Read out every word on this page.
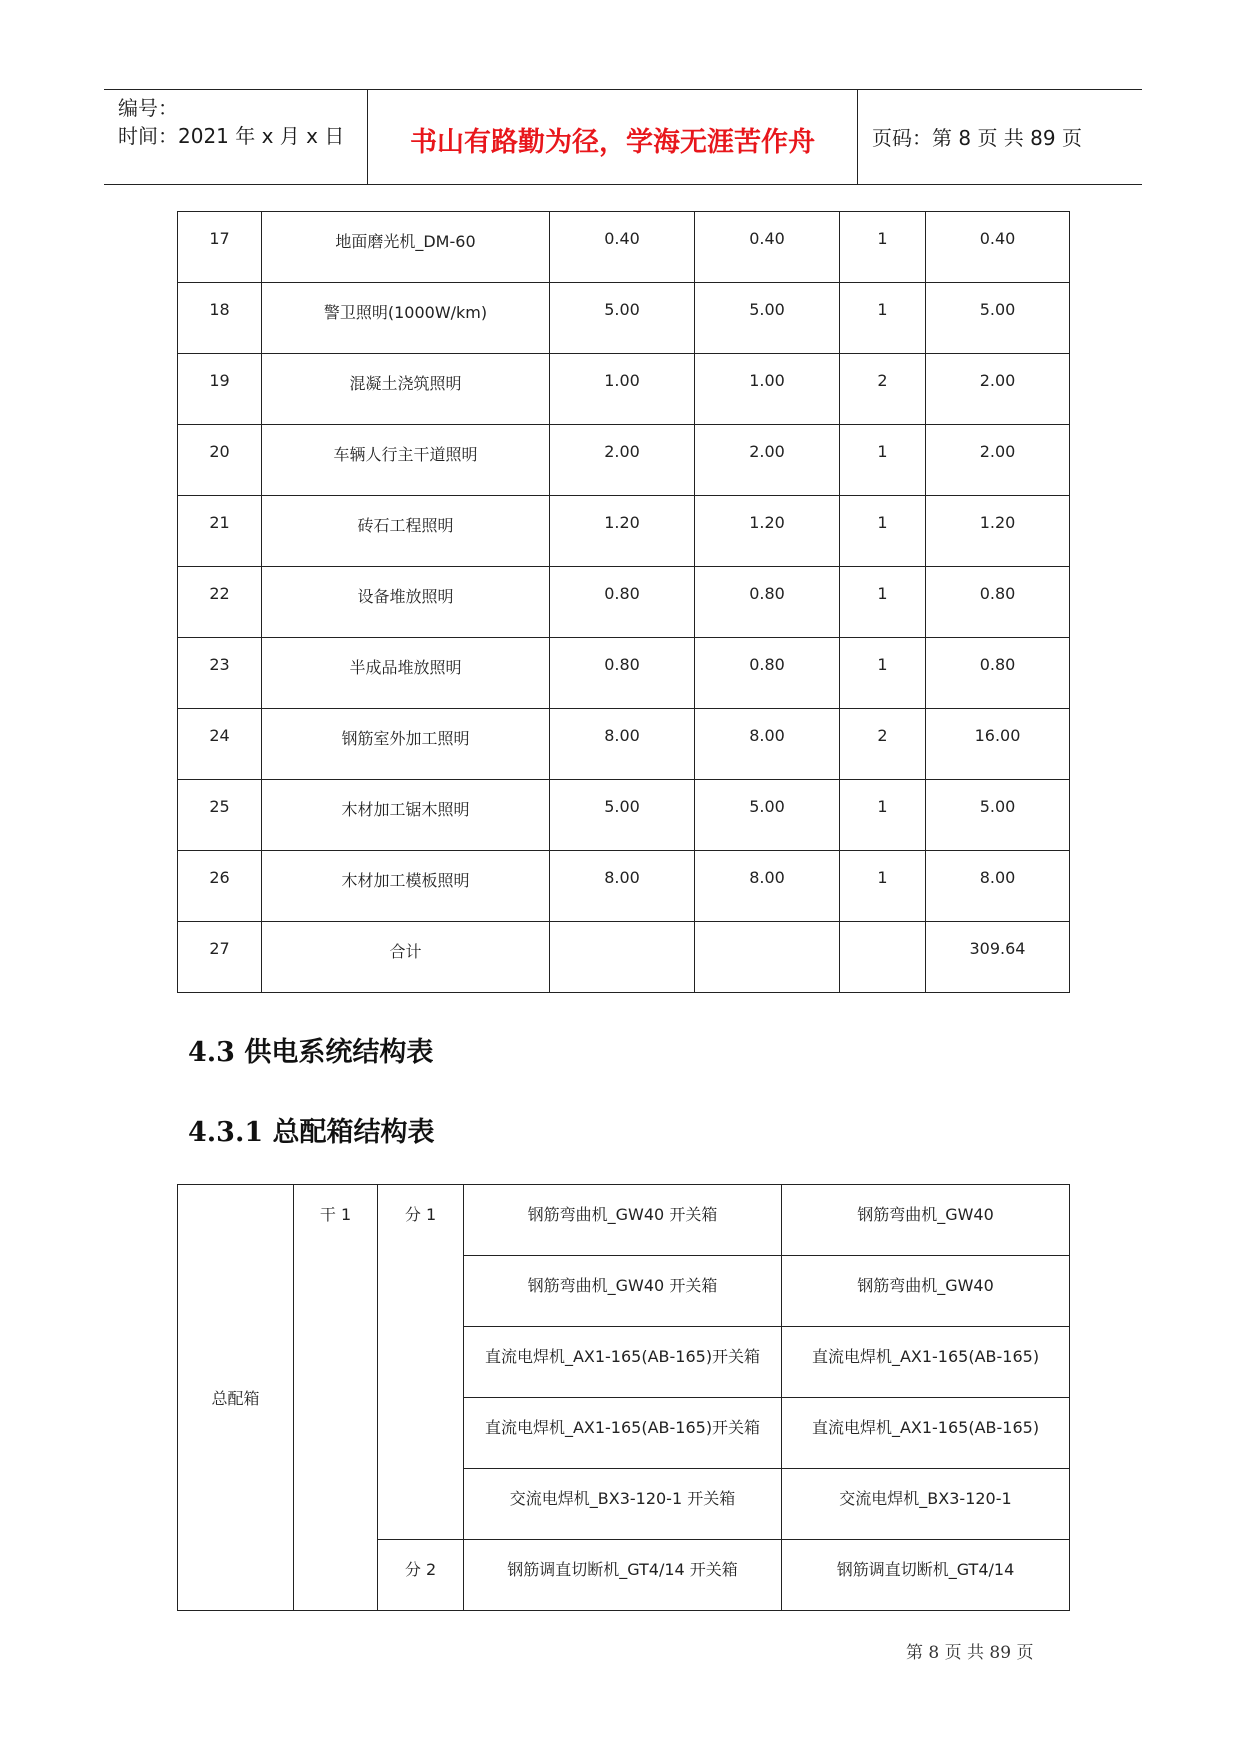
编号：
时间：2021 年 x 月 x 日	书山有路勤为径，学海无涯苦作舟	页码：第 8 页 共 89 页
17	地面磨光机_DM-60	0.40	0.40	1	0.40
18	警卫照明(1000W/km)	5.00	5.00	1	5.00
19	混凝土浇筑照明	1.00	1.00	2	2.00
20	车辆人行主干道照明	2.00	2.00	1	2.00
21	砖石工程照明	1.20	1.20	1	1.20
22	设备堆放照明	0.80	0.80	1	0.80
23	半成品堆放照明	0.80	0.80	1	0.80
24	钢筋室外加工照明	8.00	8.00	2	16.00
25	木材加工锯木照明	5.00	5.00	1	5.00
26	木材加工模板照明	8.00	8.00	1	8.00
27	合计				309.64
4.3 供电系统结构表
4.3.1 总配箱结构表
总配箱	干 1	分 1	钢筋弯曲机_GW40 开关箱	钢筋弯曲机_GW40
			钢筋弯曲机_GW40 开关箱	钢筋弯曲机_GW40
			直流电焊机_AX1-165(AB-165)开关箱	直流电焊机_AX1-165(AB-165)
			直流电焊机_AX1-165(AB-165)开关箱	直流电焊机_AX1-165(AB-165)
			交流电焊机_BX3-120-1 开关箱	交流电焊机_BX3-120-1
		分 2	钢筋调直切断机_GT4/14 开关箱	钢筋调直切断机_GT4/14
第 8 页 共 89 页
